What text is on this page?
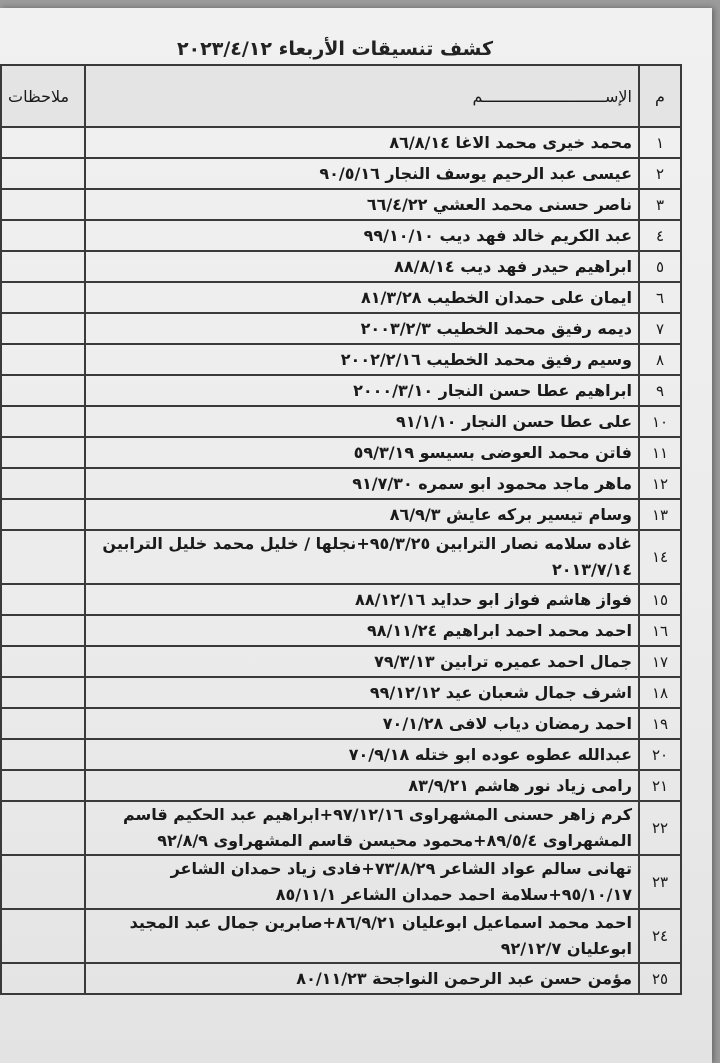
كشف تنسيقات الأربعاء ٢٠٢٣/٤/١٢
م	الإســــــــــــــــــــــــــم	ملاحظات
١	محمد خيرى محمد الاغا ٨٦/٨/١٤	
٢	عيسى عبد الرحيم يوسف النجار ٩٠/٥/١٦	
٣	ناصر حسنى محمد العشي ٦٦/٤/٢٢	
٤	عبد الكريم خالد فهد ديب ٩٩/١٠/١٠	
٥	ابراهيم حيدر فهد ديب ٨٨/٨/١٤	
٦	ايمان على حمدان الخطيب ٨١/٣/٢٨	
٧	ديمه رفيق محمد الخطيب ٢٠٠٣/٢/٣	
٨	وسيم رفيق محمد الخطيب ٢٠٠٢/٢/١٦	
٩	ابراهيم عطا حسن النجار ٢٠٠٠/٣/١٠	
١٠	على عطا حسن النجار ٩١/١/١٠	
١١	فاتن محمد العوضى بسيسو ٥٩/٣/١٩	
١٢	ماهر ماجد محمود ابو سمره ٩١/٧/٣٠	
١٣	وسام تيسير بركه عايش ٨٦/٩/٣	
١٤	غاده سلامه نصار الترابين ٩٥/٣/٢٥+نجلها / خليل محمد خليل الترابين ٢٠١٣/٧/١٤	
١٥	فواز هاشم فواز ابو حدايد ٨٨/١٢/١٦	
١٦	احمد محمد احمد ابراهيم ٩٨/١١/٢٤	
١٧	جمال احمد عميره ترابين ٧٩/٣/١٣	
١٨	اشرف جمال شعبان عيد ٩٩/١٢/١٢	
١٩	احمد رمضان دياب لافى ٧٠/١/٢٨	
٢٠	عبدالله عطوه عوده ابو ختله ٧٠/٩/١٨	
٢١	رامى زياد نور هاشم ٨٣/٩/٢١	
٢٢	كرم زاهر حسنى المشهراوى ٩٧/١٢/١٦+ابراهيم عبد الحكيم قاسم المشهراوى ٨٩/٥/٤+محمود محيسن قاسم المشهراوى ٩٢/٨/٩	
٢٣	تهانى سالم عواد الشاعر ٧٣/٨/٢٩+فادى زياد حمدان الشاعر ٩٥/١٠/١٧+سلامة احمد حمدان الشاعر ٨٥/١١/١	
٢٤	احمد محمد اسماعيل ابوعليان ٨٦/٩/٢١+صابرين جمال عبد المجيد ابوعليان ٩٢/١٢/٧	
٢٥	مؤمن حسن عبد الرحمن النواجحة ٨٠/١١/٢٣	
